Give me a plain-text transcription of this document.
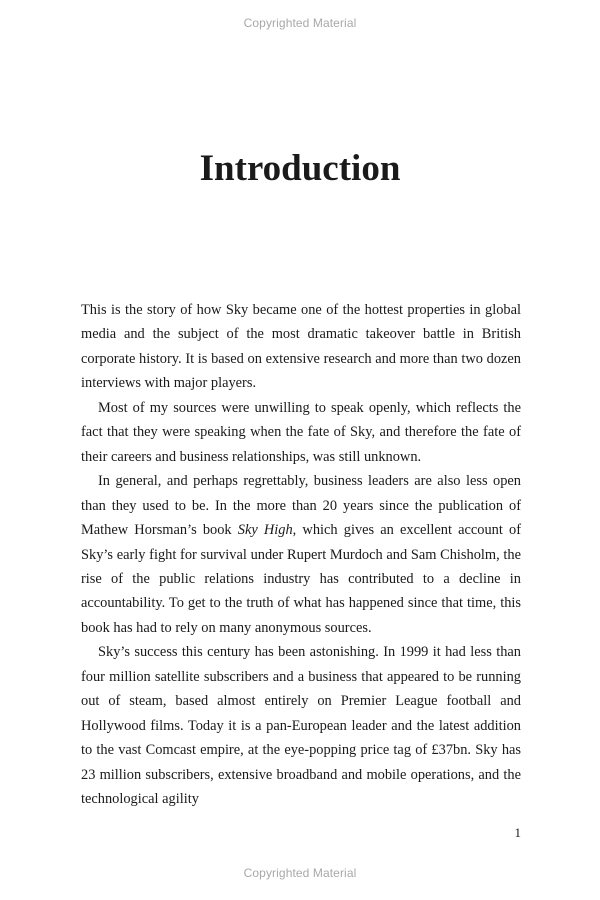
Copyrighted Material
Introduction

This is the story of how Sky became one of the hottest properties in global media and the subject of the most dramatic takeover battle in British corporate history. It is based on extensive research and more than two dozen interviews with major players.

Most of my sources were unwilling to speak openly, which reflects the fact that they were speaking when the fate of Sky, and therefore the fate of their careers and business relationships, was still unknown.

In general, and perhaps regrettably, business leaders are also less open than they used to be. In the more than 20 years since the publication of Mathew Horsman’s book Sky High, which gives an excellent account of Sky’s early fight for survival under Rupert Murdoch and Sam Chisholm, the rise of the public relations industry has contributed to a decline in accountability. To get to the truth of what has happened since that time, this book has had to rely on many anonymous sources.

Sky’s success this century has been astonishing. In 1999 it had less than four million satellite subscribers and a business that appeared to be running out of steam, based almost entirely on Premier League football and Hollywood films. Today it is a pan-European leader and the latest addition to the vast Comcast empire, at the eye-popping price tag of £37bn. Sky has 23 million subscribers, extensive broadband and mobile operations, and the technological agility

1
Copyrighted Material
